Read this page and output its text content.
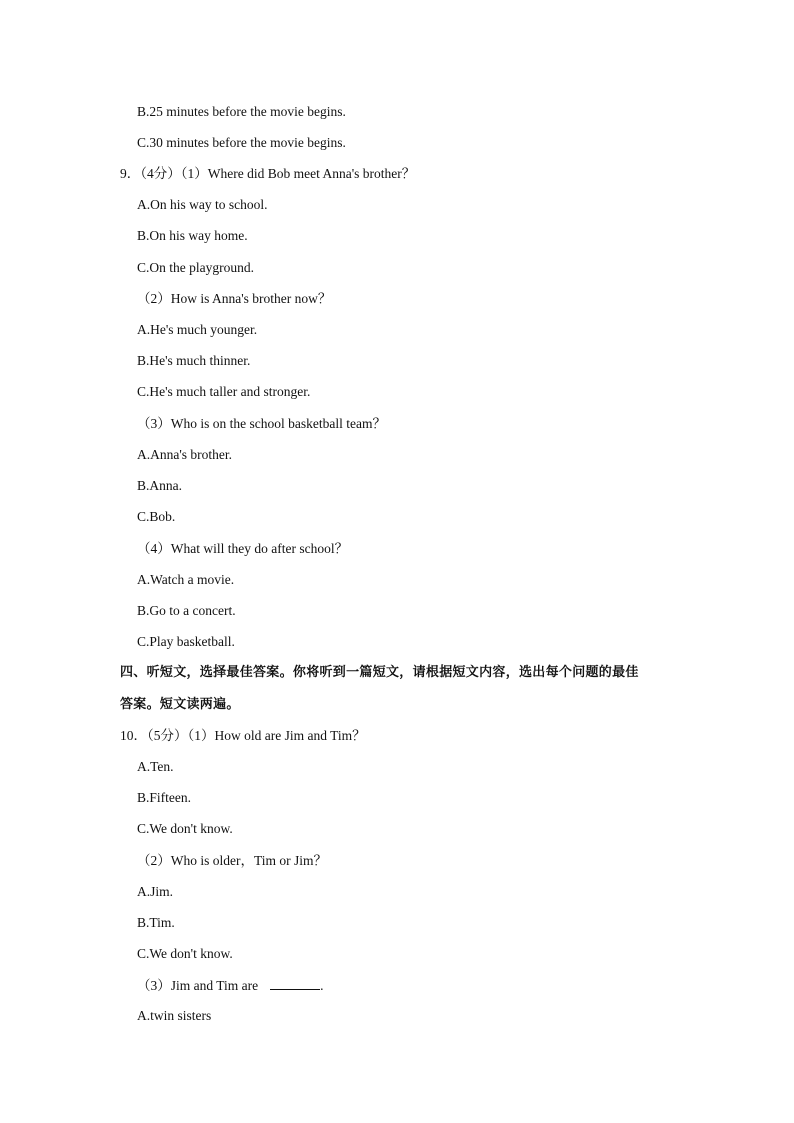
B.25 minutes before the movie begins.
C.30 minutes before the movie begins.
9．（4分）（1）Where did Bob meet Anna's brother？
A.On his way to school.
B.On his way home.
C.On the playground.
（2）How is Anna's brother now？
A.He's much younger.
B.He's much thinner.
C.He's much taller and stronger.
（3）Who is on the school basketball team？
A.Anna's brother.
B.Anna.
C.Bob.
（4）What will they do after school？
A.Watch a movie.
B.Go to a concert.
C.Play basketball.
四、听短文，选择最佳答案。你将听到一篇短文，请根据短文内容，选出每个问题的最佳
答案。短文读两遍。
10．（5分）（1）How old are Jim and Tim？
A.Ten.
B.Fifteen.
C.We don't know.
（2）Who is older，Tim or Jim？
A.Jim.
B.Tim.
C.We don't know.
（3）Jim and Tim are	.
A.twin sisters
